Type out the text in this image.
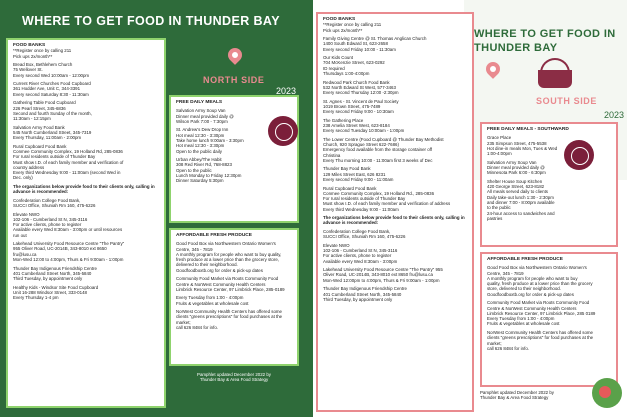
WHERE TO GET FOOD IN THUNDER BAY

FOOD BANKS

**Register once by calling 211
Pick ups 2x/month**

Bread Box, Bethlehem Church
75 Wellover St.
Every second Wed 10:00am - 12:00pm

Current River Churches Food Cupboard
361 Hodder Ave, Unit C, 344-3391
Every second Saturday 8:30 - 11:30am

Gathering Table Food Cupboard
226 Pearl Street, 345-6836
Second and fourth Sunday of the month,
11:30am - 12:15pm

Salvation Army Food Bank
545 North Cumberland Street, 345-7319
Every Thursday, 11:00am - 2:00pm

Rural Cupboard Food Bank
Conmee Community Complex, 19 Holland Rd, 285-0836
For rural residents outside of Thunder Bay
Must show I.D. of each family member and verification of
country address
Every third Wednesday 9:00 - 11:00am (second Wed in
Dec. only)

The organizations below provide food to their clients only, calling in advance is recommended:

Confederation College Food Bank,
SUCCI Office, Shuniah Rm 160, 475-6226

Elevate NWO
102-106 - Cumberland St N, 345-3116
For active clients, phone to register
Available every Wed 8:30am - 3:00pm or until resources
run out

Lakehead University Food Resource Centre "The Pantry"
955 Oliver Road, UC-2014B, 343-8010 ext 8650
fru@lusu.ca
Mon-Wed 12:00 to 4:00pm, Thurs & Fri 9:00am - 1:00pm

Thunder Bay Indigenous Friendship Centre
401 Cumberland Street North, 345-5840
Third Tuesday, by appointment only

Healthy Kids - Windsor Site Food Cupboard
Unit 16-288 Windsor Street, 333-0148
Every Thursday 1-4 pm

FREE DAILY MEALS

Salvation Army Soup Van
Dinner meal provided daily @
Wilson Park 7:00 - 7:30pm

St. Andrew's Dew Drop Inn
Hot meal 12:30 - 3:30pm
Take home lunch 9:00am - 3:30pm
Hot meal 12:30 - 3:30pm
Open to the public daily

Urban Abbey/The Habit
308 Red River Rd, 768-8823
Open to the public
Lunch Monday to Friday 12:30pm
Dinner Saturday 5:30pm

AFFORDABLE FRESH PRODUCE

Good Food Box via Northwestern Ontario Women's
Centre, 345 - 7819
A monthly program for people who want to buy quality,
fresh produce at a lower price than the grocery store,
delivered to their neighborhood.
Goodfoodboxtb.org for order & pick-up dates

Community Food Market via Roots Community Food
Centre & NorWest Community Health Centers
Limbrick Resource Center, 97 Limbrick Place, 285-0189

Every Tuesday from 1:00 - 4:00pm
Fruits & vegetables at wholesale cost

NorWest Community Health Centers has offered some
clients "greens prescriptions" for food purchases at the
market;
call 626 8484 for info.

NORTH SIDE
2023
Pamphlet updated December 2022 by
Thunder Bay & Area Food Strategy
WHERE TO GET FOOD IN THUNDER BAY

FOOD BANKS

**Register once by calling 211
Pick ups 2x/month**

Family Giving Centre @ St. Thomas Anglican Church
1400 South Edward St, 623-2658
Every second Friday 10:00 - 11:30am

Our Kids Count
704 McKenzie Street, 623-0292
ID required
Thursdays 1:00-4:00pm

Redwood Park Church Food Bank
532 North Edward St West, 577-3463
Every second Thursday 12:00 -2:30pm

St. Agnes - St. Vincent de Paul Society
1019 Brown Street, 475-7489
Every second Friday 9:00 - 10:30am

The Gathering Place
238 Amelia Street West, 623-8184
Every second Tuesday 10:00am - 1:00pm

The Lower Centre (Food Cupboard @ Thunder Bay Methodist
Church, 920 Sprague Street 622-7686)
Emergency food available from the storage container off
Christina
Every Thu morning 10:00 - 11:00am first 3 weeks of Dec

Thunder Bay Food Bank
129 Miles Street East, 626 8231
Every second Friday 9:00 - 11:00am

Rural Cupboard Food Bank
Conmee Community Complex, 19 Holland Rd., 285-0836
For rural residents outside of Thunder Bay
Must show I.D. of each family member and verification of address
Every third Wednesday 9:00 - 11:00am

The organizations below provide food to their clients only, calling in advance is recommended:

Confederation College Food Bank,
SUCCI Office, Shuniah Rm 160, 475-6226

Elevate NWO
102-106 - Cumberland St N, 345-3116
For active clients, phone to register
Available every Wed 8:30am - 3:00pm

Lakehead University Food Resource Centre "The Pantry" 955
Oliver Road, UC-2014B, 343-8010 ext 8650 fru@lusu.ca
Mon-Wed 12:00pm to 4:00pm, Thurs & Fri 9:00am - 1:00pm

Thunder Bay Indigenous Friendship Centre
401 Cumberland Street North, 345-5840
Third Tuesday, by appointment only

SOUTH SIDE
2023

FREE DAILY MEALS - SOUTHWARD

Grace Place
235 Simpson Street, 475-5538
Hot dine-in meals Mon, Tues & Wed
1:00-4:00pm

Salvation Army Soup Van
Dinner meal provided daily @
Minnesota Park 6:00 - 6:30pm

Shelter House Soup Kitchen
420 George Street, 623-8182
All meals served daily to clients
Daily take-out lunch 1:30 - 2:30pm
and dinner 7:00 - 8:00pm available
to the public
24-hour access to sandwiches and
pastries

AFFORDABLE FRESH PRODUCE

Good Food Box via Northwestern Ontario Women's
Centre, 345 - 7819
A monthly program for people who want to buy
quality, fresh produce at a lower price than the grocery
store, delivered to their neighborhood.
Goodfoodboxtb.org for order & pick-up dates

Community Food Market via Roots Community Food
Centre & NorWest Community Health Centers
Limbrick Resource Center, 97 Limbrick Place, 285 0189
Every Tuesday from 1:00 - 4:00pm
Fruits & vegetables at wholesale cost

NorWest Community Health Centers has offered some
clients "greens prescriptions" for food purchases at the
market;
call 626 8484 for info.

Pamphlet updated December 2022 by
Thunder Bay & Area Food Strategy
